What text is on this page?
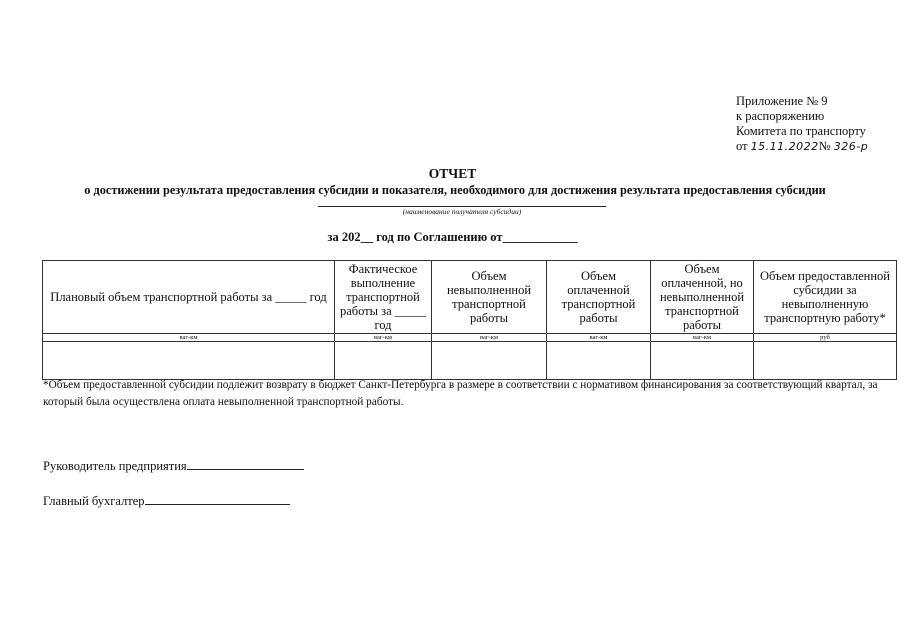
Приложение № 9
к распоряжению
Комитета по транспорту
от 15.11.2022№ 326-р
ОТЧЕТ
о достижении результата предоставления субсидии и показателя, необходимого для достижения результата предоставления субсидии
(наименование получателя субсидии)
за 202__ год по Соглашению от____________
Плановый объем транспортной работы за _____ год	Фактическое выполнение транспортной работы за _____ год	Объем невыполненной транспортной работы	Объем оплаченной транспортной работы	Объем оплаченной, но невыполненной транспортной работы	Объем предоставленной субсидии за невыполненную транспортную работу*
ваг-км	ваг-км	ваг-км	ваг-км	ваг-км	руб

*Объем предоставленной субсидии подлежит возврату в бюджет Санкт-Петербурга в размере в соответствии с нормативом финансирования за соответствующий квартал, за который была осуществлена оплата невыполненной транспортной работы.
Руководитель предприятия
Главный бухгалтер
